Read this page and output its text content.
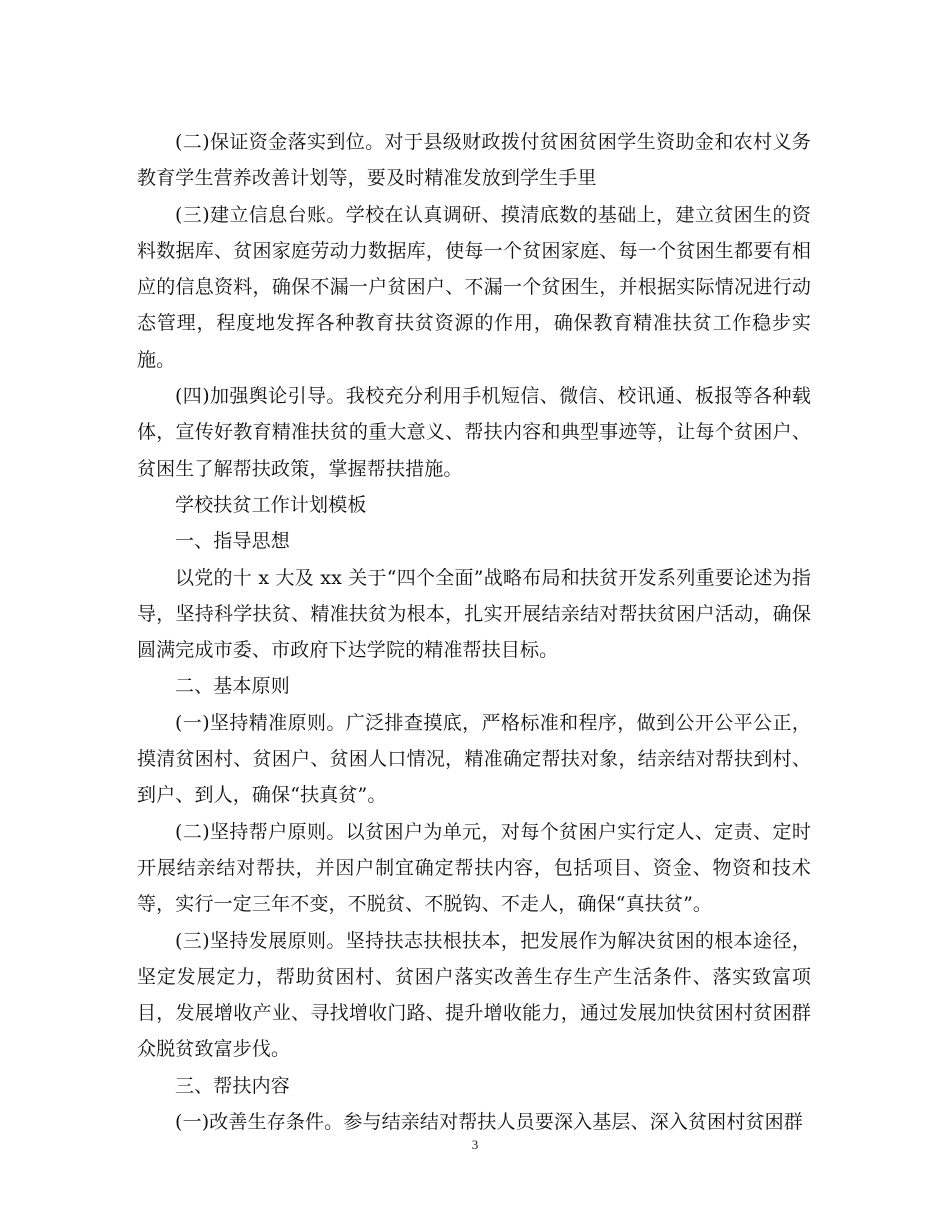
(二)保证资金落实到位。对于县级财政拨付贫困贫困学生资助金和农村义务教育学生营养改善计划等，要及时精准发放到学生手里

(三)建立信息台账。学校在认真调研、摸清底数的基础上，建立贫困生的资料数据库、贫困家庭劳动力数据库，使每一个贫困家庭、每一个贫困生都要有相应的信息资料，确保不漏一户贫困户、不漏一个贫困生，并根据实际情况进行动态管理，程度地发挥各种教育扶贫资源的作用，确保教育精准扶贫工作稳步实施。

(四)加强舆论引导。我校充分利用手机短信、微信、校讯通、板报等各种载体，宣传好教育精准扶贫的重大意义、帮扶内容和典型事迹等，让每个贫困户、贫困生了解帮扶政策，掌握帮扶措施。

学校扶贫工作计划模板

一、指导思想

以党的十 x 大及 xx 关于“四个全面”战略布局和扶贫开发系列重要论述为指导，坚持科学扶贫、精准扶贫为根本，扎实开展结亲结对帮扶贫困户活动，确保圆满完成市委、市政府下达学院的精准帮扶目标。

二、基本原则

(一)坚持精准原则。广泛排查摸底，严格标准和程序，做到公开公平公正，摸清贫困村、贫困户、贫困人口情况，精准确定帮扶对象，结亲结对帮扶到村、到户、到人，确保“扶真贫”。

(二)坚持帮户原则。以贫困户为单元，对每个贫困户实行定人、定责、定时开展结亲结对帮扶，并因户制宜确定帮扶内容，包括项目、资金、物资和技术等，实行一定三年不变，不脱贫、不脱钩、不走人，确保“真扶贫”。

(三)坚持发展原则。坚持扶志扶根扶本，把发展作为解决贫困的根本途径，坚定发展定力，帮助贫困村、贫困户落实改善生存生产生活条件、落实致富项目，发展增收产业、寻找增收门路、提升增收能力，通过发展加快贫困村贫困群众脱贫致富步伐。

三、帮扶内容

(一)改善生存条件。参与结亲结对帮扶人员要深入基层、深入贫困村贫困群

3
